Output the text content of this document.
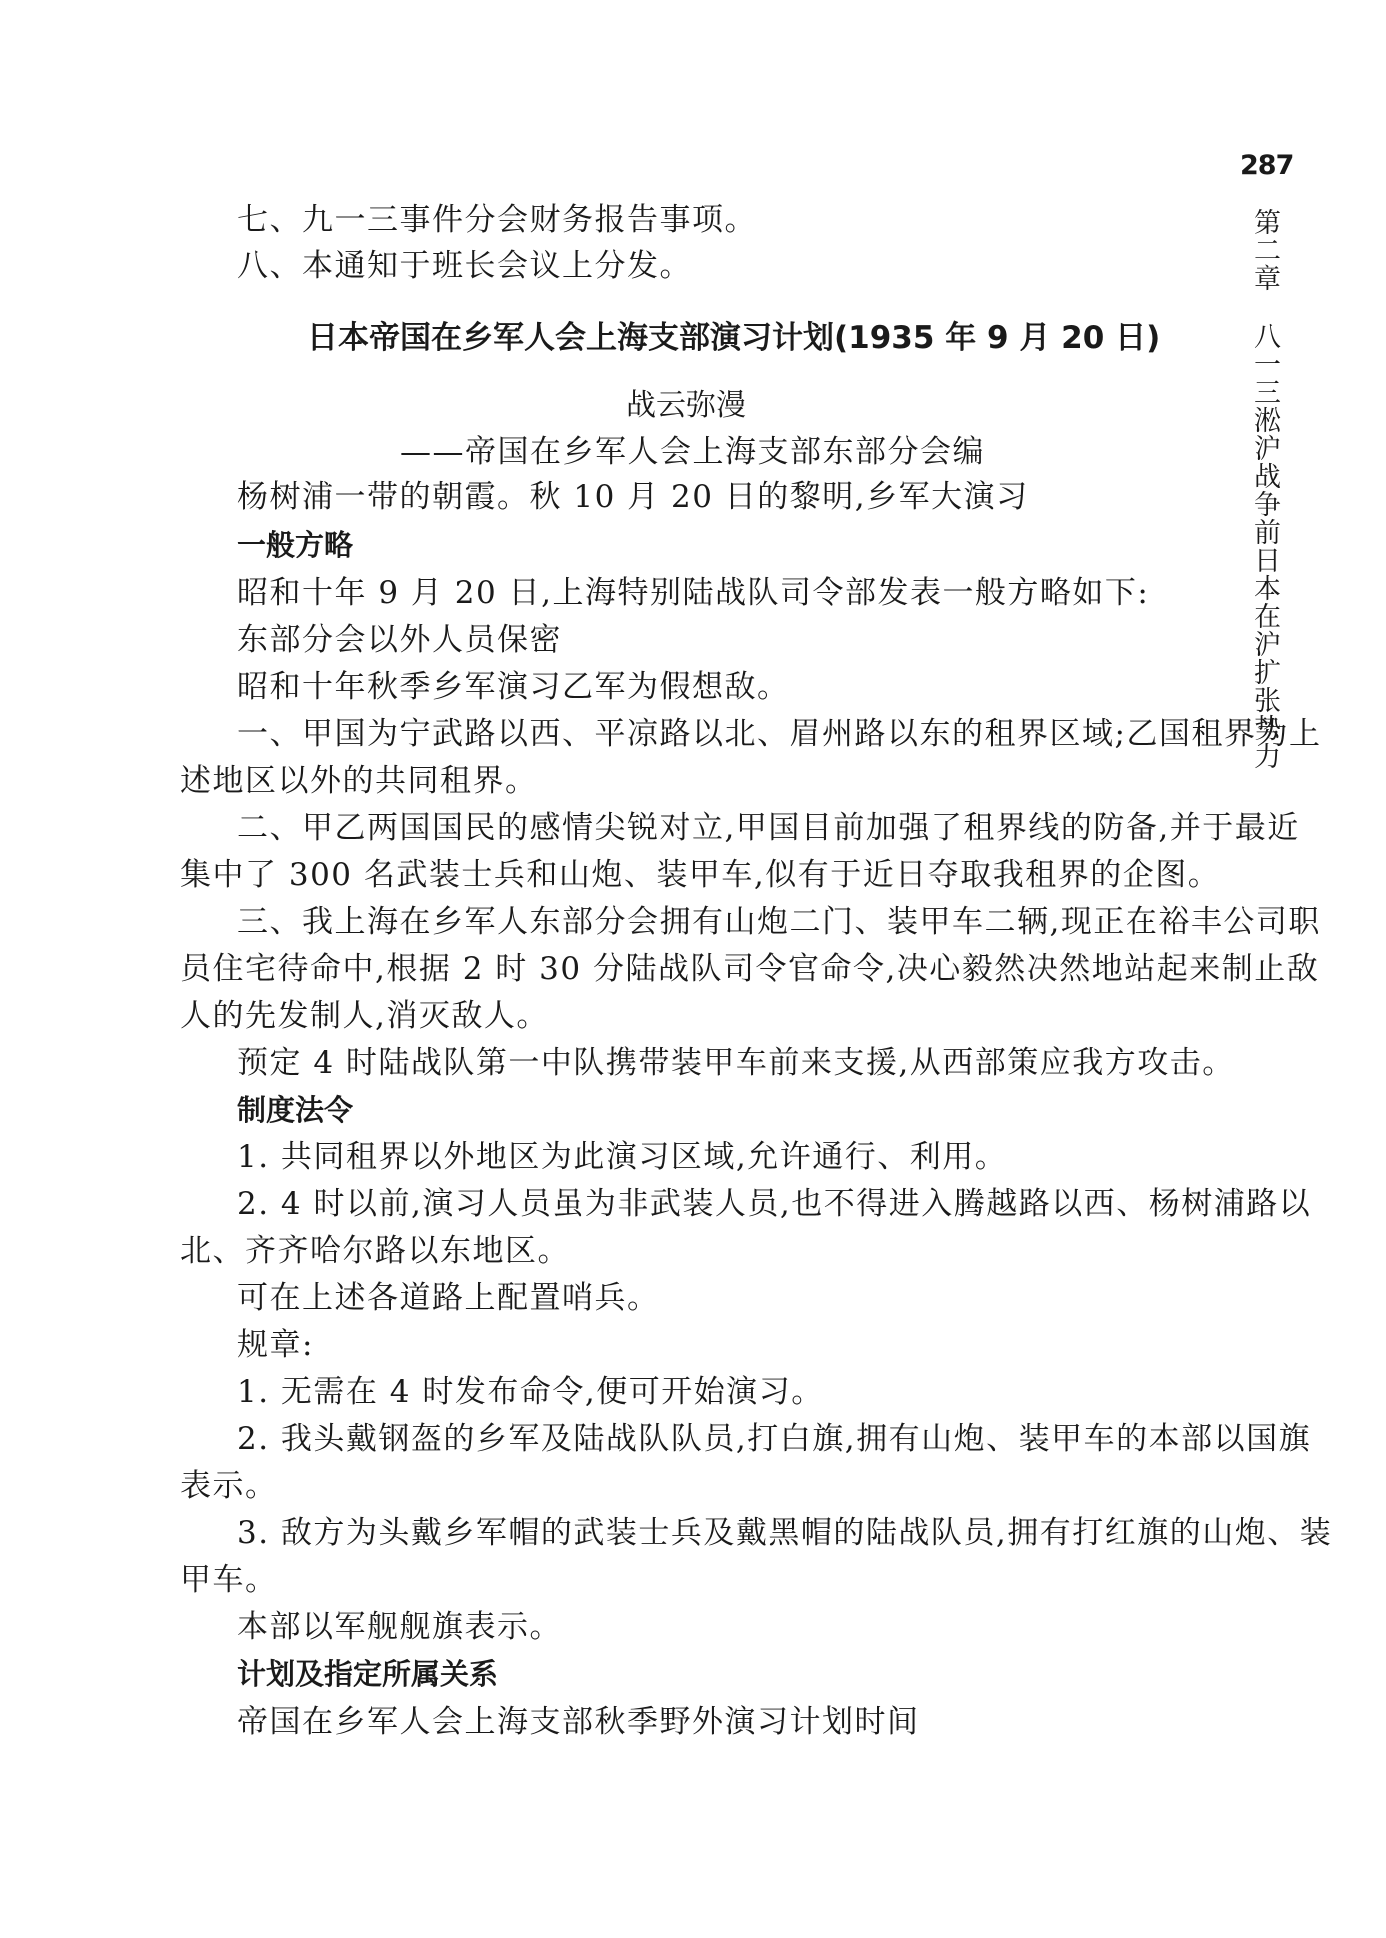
287
第二章八一三淞沪战争前日本在沪扩张势力
七、九一三事件分会财务报告事项。
八、本通知于班长会议上分发。
日本帝国在乡军人会上海支部演习计划(1935 年 9 月 20 日)
战云弥漫
——帝国在乡军人会上海支部东部分会编
杨树浦一带的朝霞。秋 10 月 20 日的黎明,乡军大演习
一般方略
昭和十年 9 月 20 日,上海特别陆战队司令部发表一般方略如下:
东部分会以外人员保密
昭和十年秋季乡军演习乙军为假想敌。
一、甲国为宁武路以西、平凉路以北、眉州路以东的租界区域;乙国租界为上
述地区以外的共同租界。
二、甲乙两国国民的感情尖锐对立,甲国目前加强了租界线的防备,并于最近
集中了 300 名武装士兵和山炮、装甲车,似有于近日夺取我租界的企图。
三、我上海在乡军人东部分会拥有山炮二门、装甲车二辆,现正在裕丰公司职
员住宅待命中,根据 2 时 30 分陆战队司令官命令,决心毅然决然地站起来制止敌
人的先发制人,消灭敌人。
预定 4 时陆战队第一中队携带装甲车前来支援,从西部策应我方攻击。
制度法令
1. 共同租界以外地区为此演习区域,允许通行、利用。
2. 4 时以前,演习人员虽为非武装人员,也不得进入腾越路以西、杨树浦路以
北、齐齐哈尔路以东地区。
可在上述各道路上配置哨兵。
规章:
1. 无需在 4 时发布命令,便可开始演习。
2. 我头戴钢盔的乡军及陆战队队员,打白旗,拥有山炮、装甲车的本部以国旗
表示。
3. 敌方为头戴乡军帽的武装士兵及戴黑帽的陆战队员,拥有打红旗的山炮、装
甲车。
本部以军舰舰旗表示。
计划及指定所属关系
帝国在乡军人会上海支部秋季野外演习计划时间
